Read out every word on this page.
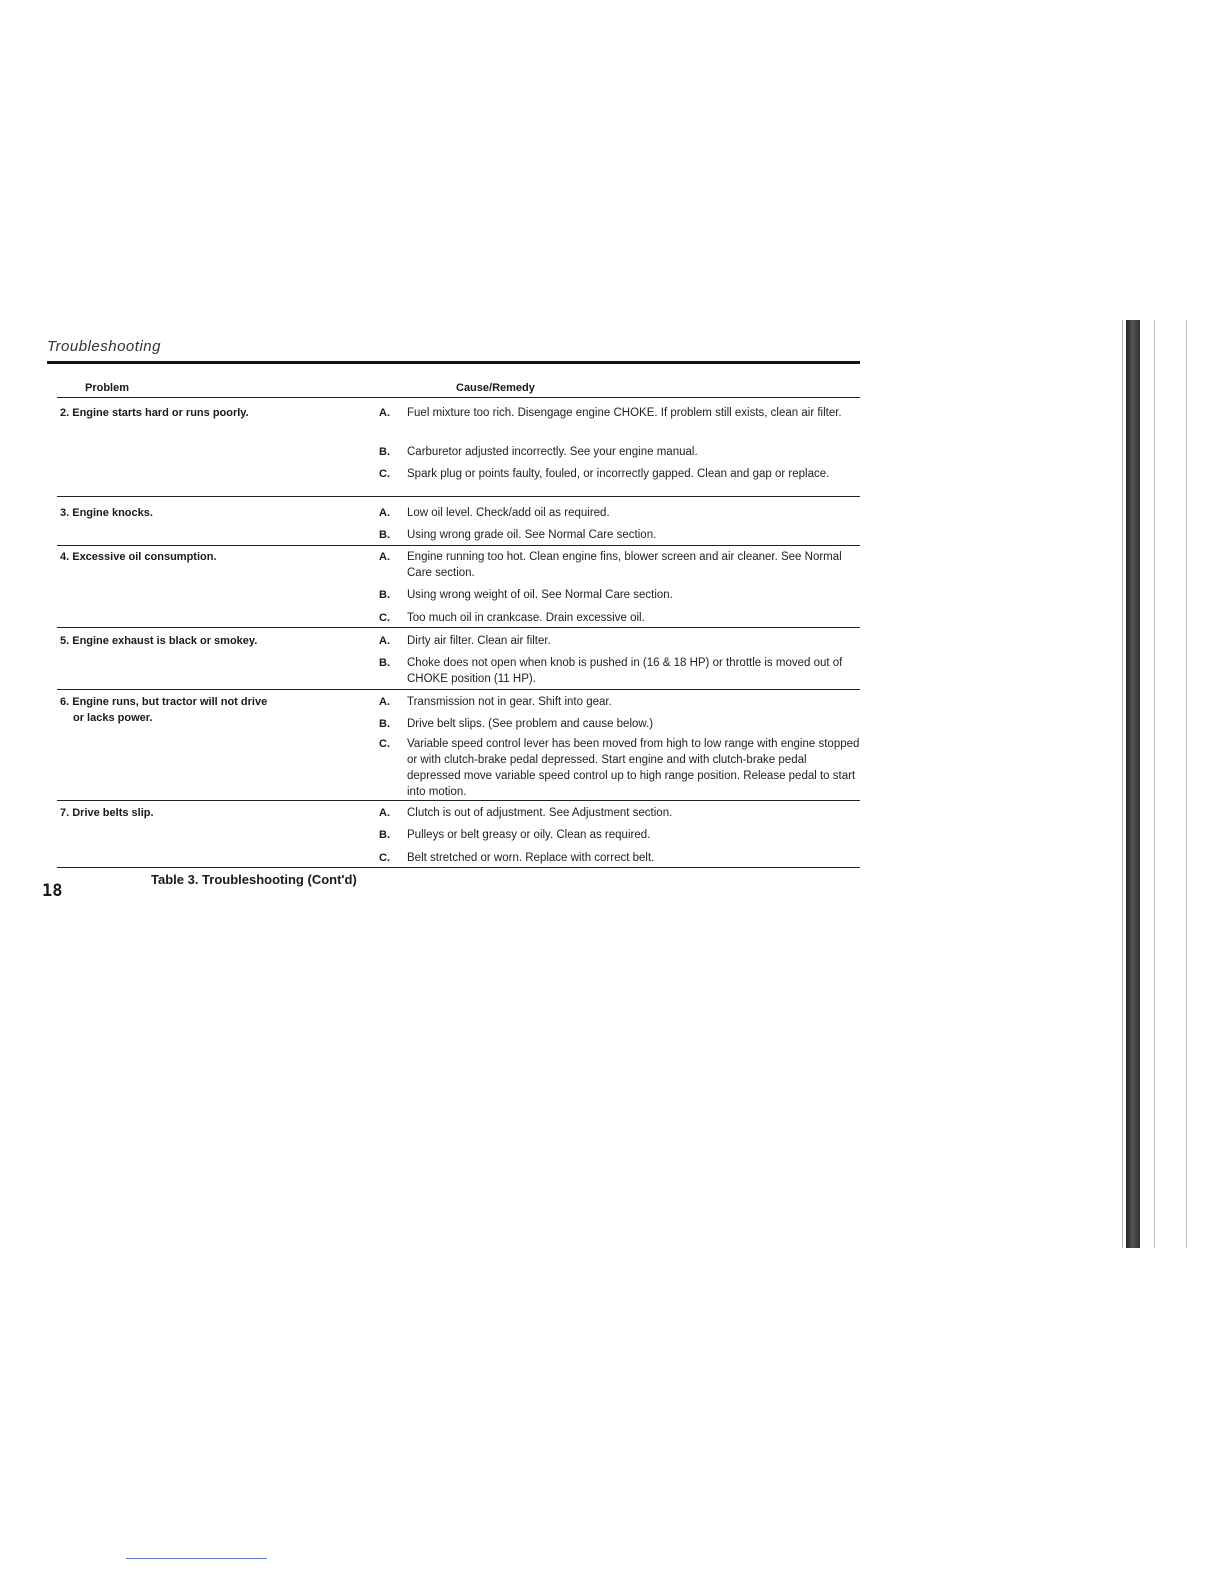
Troubleshooting
Problem	Cause/Remedy
2. Engine starts hard or runs poorly.	A. Fuel mixture too rich. Disengage engine CHOKE. If problem still exists, clean air filter.
B. Carburetor adjusted incorrectly. See your engine manual.
C. Spark plug or points faulty, fouled, or incorrectly gapped. Clean and gap or replace.
3. Engine knocks.	A. Low oil level. Check/add oil as required.
B. Using wrong grade oil. See Normal Care section.
4. Excessive oil consumption.	A. Engine running too hot. Clean engine fins, blower screen and air cleaner. See Normal Care section.
B. Using wrong weight of oil. See Normal Care section.
C. Too much oil in crankcase. Drain excessive oil.
5. Engine exhaust is black or smokey.	A. Dirty air filter. Clean air filter.
B. Choke does not open when knob is pushed in (16 & 18 HP) or throttle is moved out of CHOKE position (11 HP).
6. Engine runs, but tractor will not drive
or lacks power.
A. Transmission not in gear. Shift into gear.
B. Drive belt slips. (See problem and cause below.)
C. Variable speed control lever has been moved from high to low range with engine stopped or with clutch-brake pedal depressed. Start engine and with clutch-brake pedal depressed move variable speed control up to high range position. Release pedal to start into motion.
7. Drive belts slip.	A. Clutch is out of adjustment. See Adjustment section.
B. Pulleys or belt greasy or oily. Clean as required.
C. Belt stretched or worn. Replace with correct belt.
Table 3. Troubleshooting (Cont'd)
18
